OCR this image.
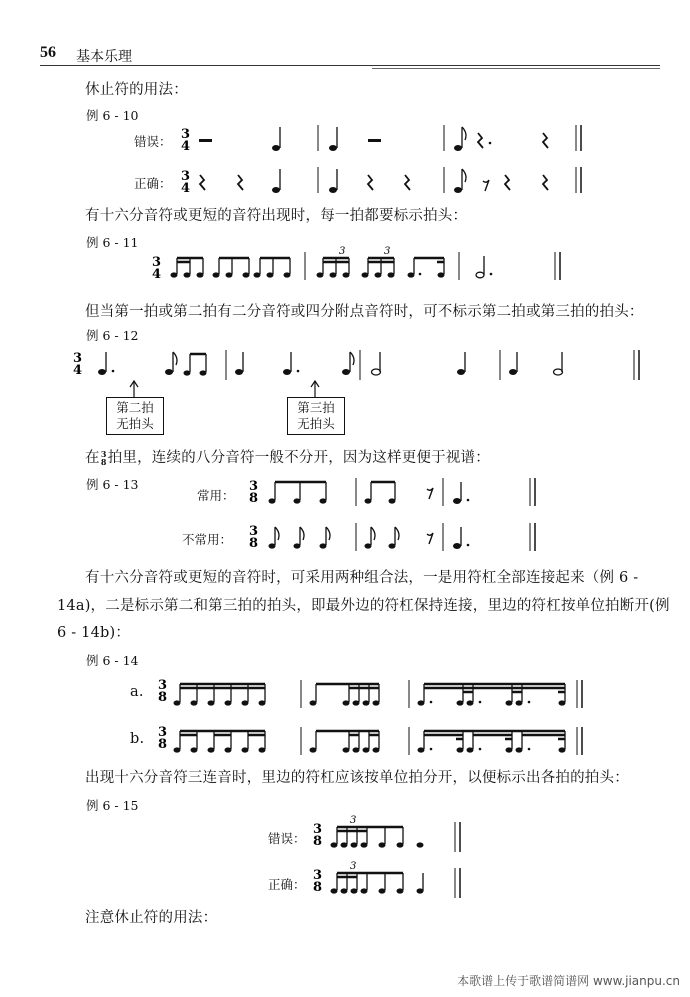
56 基本乐理
休止符的用法：
例 6 - 10
错误：
正确：
3
4
3
4
有十六分音符或更短的音符出现时，每一拍都要标示拍头：
例 6 - 11
3
4
3	3
但当第一拍或第二拍有二分音符或四分附点音符时，可不标示第二拍或第三拍的拍头：
例 6 - 12
3
4
第二拍
无拍头
第三拍
无拍头
在3
8拍里，连续的八分音符一般不分开，因为这样更便于视谱：
例 6 - 13
常用：
不常用：
3
8
3
8
有十六分音符或更短的音符时，可采用两种组合法，一是用符杠全部连接起来（例 6 -
14a)，二是标示第二和第三拍的拍头，即最外边的符杠保持连接，里边的符杠按单位拍断开(例
6 - 14b)：
例 6 - 14
a.
b.
3
8
3
8
出现十六分音符三连音时，里边的符杠应该按单位拍分开，以便标示出各拍的拍头：
例 6 - 15
错误：
正确：
3
8
3
3
8
3
注意休止符的用法：
本歌谱上传于歌谱简谱网 www.jianpu.cn
